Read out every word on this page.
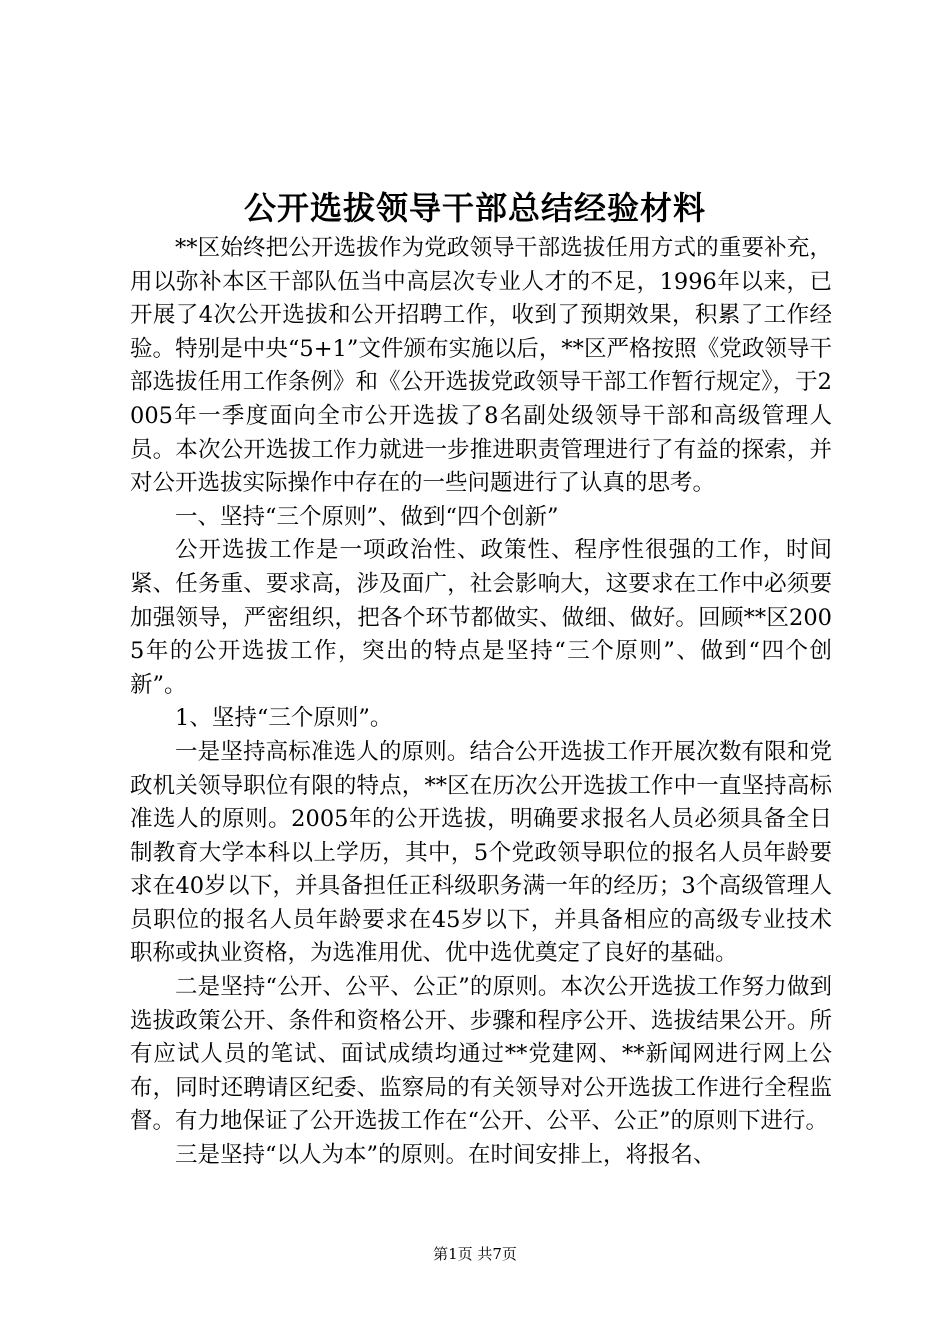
公开选拔领导干部总结经验材料

**区始终把公开选拔作为党政领导干部选拔任用方式的重要补充，用以弥补本区干部队伍当中高层次专业人才的不足，1996年以来，已开展了4次公开选拔和公开招聘工作，收到了预期效果，积累了工作经验。特别是中央“5+1”文件颁布实施以后，**区严格按照《党政领导干部选拔任用工作条例》和《公开选拔党政领导干部工作暂行规定》，于2005年一季度面向全市公开选拔了8名副处级领导干部和高级管理人员。本次公开选拔工作力就进一步推进职责管理进行了有益的探索，并对公开选拔实际操作中存在的一些问题进行了认真的思考。

一、坚持“三个原则”、做到“四个创新”

公开选拔工作是一项政治性、政策性、程序性很强的工作，时间紧、任务重、要求高，涉及面广，社会影响大，这要求在工作中必须要加强领导，严密组织，把各个环节都做实、做细、做好。回顾**区2005年的公开选拔工作，突出的特点是坚持“三个原则”、做到“四个创新”。

1、坚持“三个原则”。

一是坚持高标准选人的原则。结合公开选拔工作开展次数有限和党政机关领导职位有限的特点，**区在历次公开选拔工作中一直坚持高标准选人的原则。2005年的公开选拔，明确要求报名人员必须具备全日制教育大学本科以上学历，其中，5个党政领导职位的报名人员年龄要求在40岁以下，并具备担任正科级职务满一年的经历；3个高级管理人员职位的报名人员年龄要求在45岁以下，并具备相应的高级专业技术职称或执业资格，为选准用优、优中选优奠定了良好的基础。

二是坚持“公开、公平、公正”的原则。本次公开选拔工作努力做到选拔政策公开、条件和资格公开、步骤和程序公开、选拔结果公开。所有应试人员的笔试、面试成绩均通过**党建网、**新闻网进行网上公布，同时还聘请区纪委、监察局的有关领导对公开选拔工作进行全程监督。有力地保证了公开选拔工作在“公开、公平、公正”的原则下进行。

三是坚持“以人为本”的原则。在时间安排上，将报名、

第1页 共7页
